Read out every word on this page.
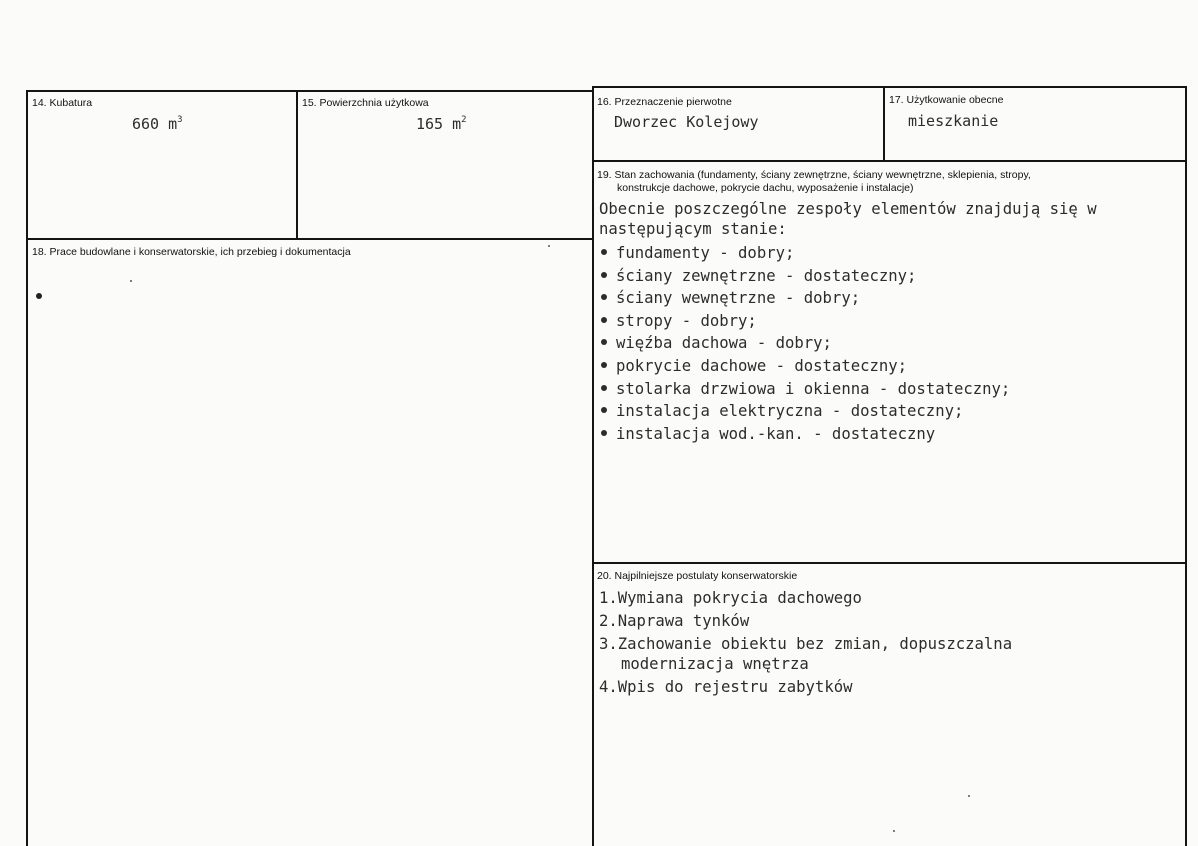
14. Kubatura
660 $m^3$
15. Powierzchnia użytkowa
165 $m^2$
16. Przeznaczenie pierwotne
Dworzec Kolejowy
17. Użytkowanie obecne
mieszkanie
18. Prace budowlane i konserwatorskie, ich przebieg i dokumentacja
19. Stan zachowania (fundamenty, ściany zewnętrzne, ściany wewnętrzne, sklepienia, stropy,
konstrukcje dachowe, pokrycie dachu, wyposażenie i instalacje)
Obecnie poszczególne zespoły elementów znajdują się w
następującym stanie:
fundamenty - dobry;
ściany zewnętrzne - dostateczny;
ściany wewnętrzne - dobry;
stropy - dobry;
więźba dachowa - dobry;
pokrycie dachowe - dostateczny;
stolarka drzwiowa i okienna - dostateczny;
instalacja elektryczna - dostateczny;
instalacja wod.-kan. - dostateczny
20. Najpilniejsze postulaty konserwatorskie
1.Wymiana pokrycia dachowego
2.Naprawa tynków
3.Zachowanie obiektu bez zmian, dopuszczalna
modernizacja wnętrza
4.Wpis do rejestru zabytków
